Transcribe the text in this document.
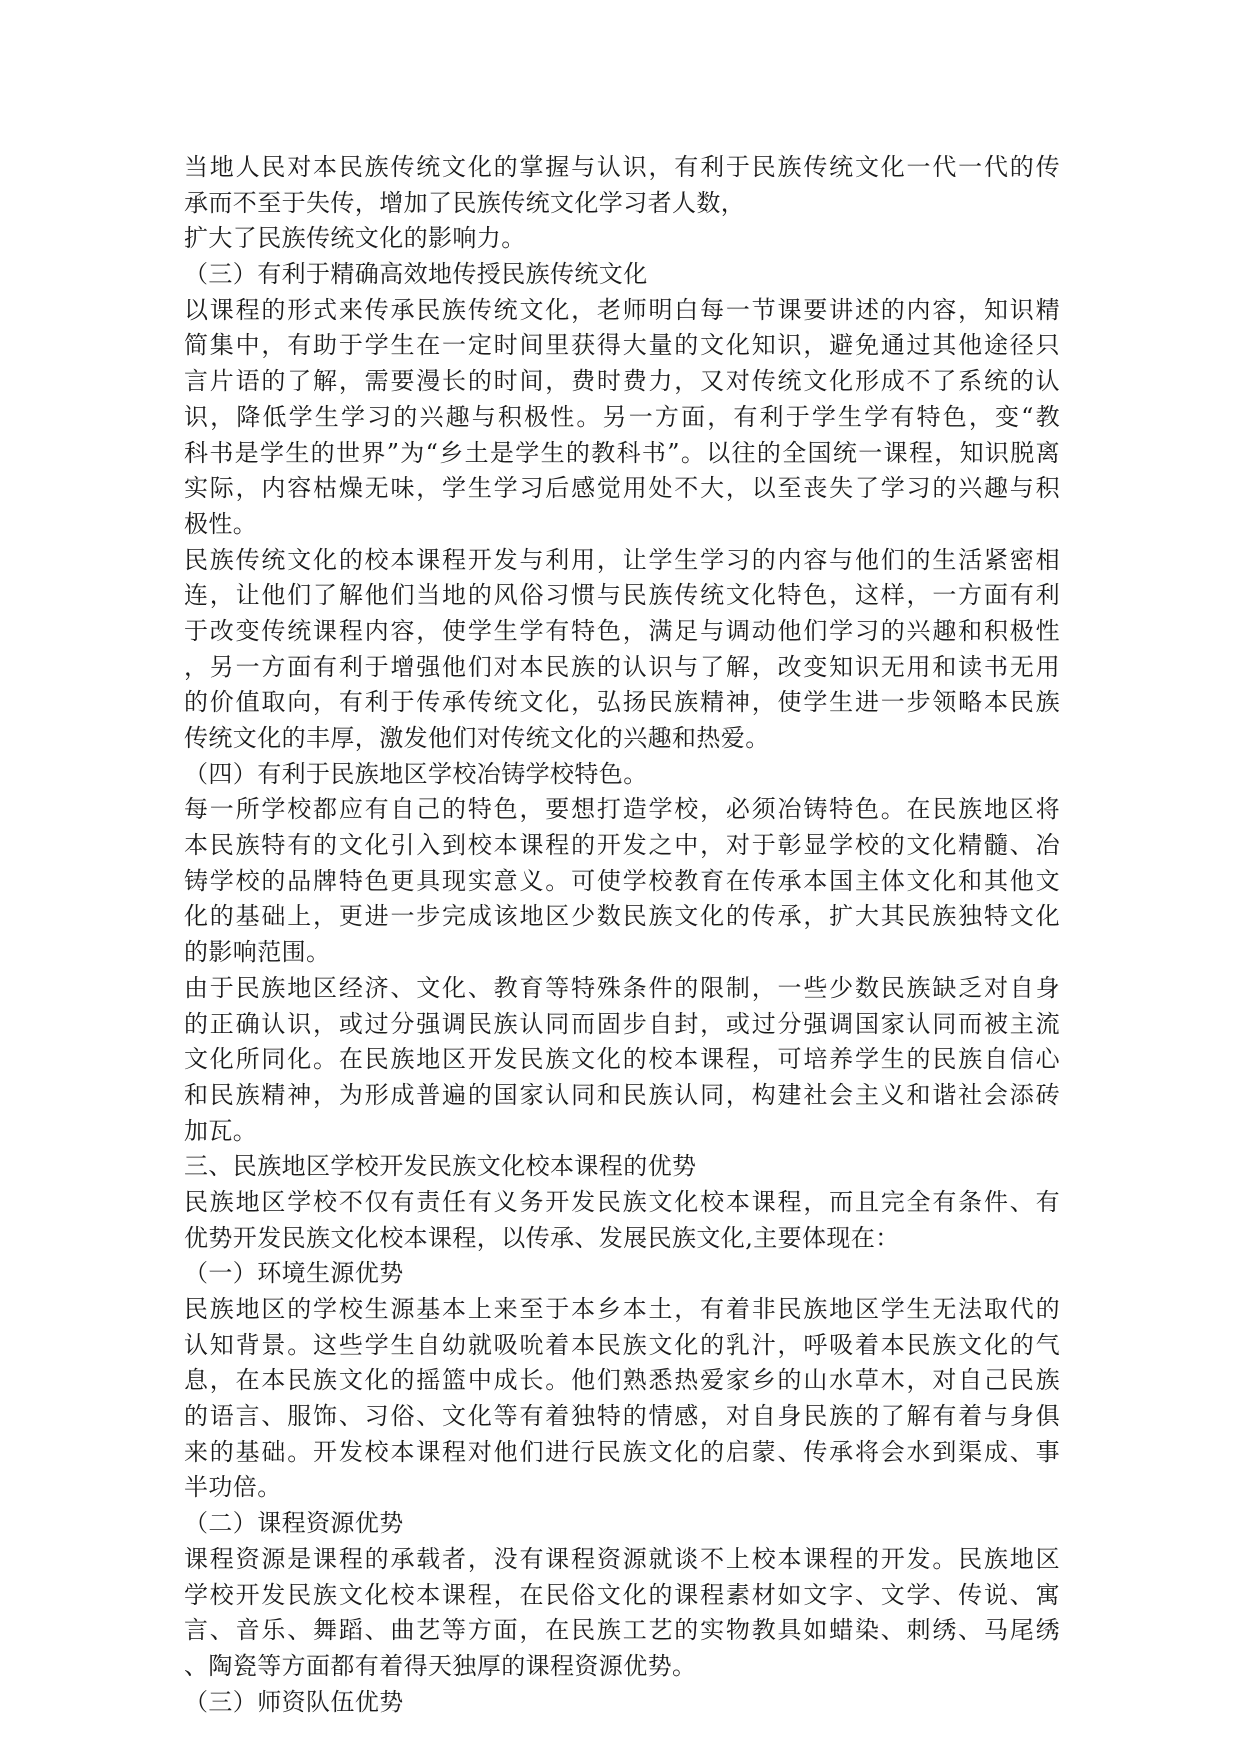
当地人民对本民族传统文化的掌握与认识，有利于民族传统文化一代一代的传
承而不至于失传，增加了民族传统文化学习者人数，
扩大了民族传统文化的影响力。
（三）有利于精确高效地传授民族传统文化
以课程的形式来传承民族传统文化，老师明白每一节课要讲述的内容，知识精
简集中，有助于学生在一定时间里获得大量的文化知识，避免通过其他途径只
言片语的了解，需要漫长的时间，费时费力，又对传统文化形成不了系统的认
识，降低学生学习的兴趣与积极性。另一方面，有利于学生学有特色，变“教
科书是学生的世界”为“乡土是学生的教科书”。以往的全国统一课程，知识脱离
实际，内容枯燥无味，学生学习后感觉用处不大，以至丧失了学习的兴趣与积
极性。
民族传统文化的校本课程开发与利用，让学生学习的内容与他们的生活紧密相
连，让他们了解他们当地的风俗习惯与民族传统文化特色，这样，一方面有利
于改变传统课程内容，使学生学有特色，满足与调动他们学习的兴趣和积极性
，另一方面有利于增强他们对本民族的认识与了解，改变知识无用和读书无用
的价值取向，有利于传承传统文化，弘扬民族精神，使学生进一步领略本民族
传统文化的丰厚，激发他们对传统文化的兴趣和热爱。
（四）有利于民族地区学校冶铸学校特色。
每一所学校都应有自己的特色，要想打造学校，必须冶铸特色。在民族地区将
本民族特有的文化引入到校本课程的开发之中，对于彰显学校的文化精髓、冶
铸学校的品牌特色更具现实意义。可使学校教育在传承本国主体文化和其他文
化的基础上，更进一步完成该地区少数民族文化的传承，扩大其民族独特文化
的影响范围。
由于民族地区经济、文化、教育等特殊条件的限制，一些少数民族缺乏对自身
的正确认识，或过分强调民族认同而固步自封，或过分强调国家认同而被主流
文化所同化。在民族地区开发民族文化的校本课程，可培养学生的民族自信心
和民族精神，为形成普遍的国家认同和民族认同，构建社会主义和谐社会添砖
加瓦。
三、民族地区学校开发民族文化校本课程的优势
民族地区学校不仅有责任有义务开发民族文化校本课程，而且完全有条件、有
优势开发民族文化校本课程，以传承、发展民族文化,主要体现在：
（一）环境生源优势
民族地区的学校生源基本上来至于本乡本土，有着非民族地区学生无法取代的
认知背景。这些学生自幼就吸吮着本民族文化的乳汁，呼吸着本民族文化的气
息，在本民族文化的摇篮中成长。他们熟悉热爱家乡的山水草木，对自己民族
的语言、服饰、习俗、文化等有着独特的情感，对自身民族的了解有着与身俱
来的基础。开发校本课程对他们进行民族文化的启蒙、传承将会水到渠成、事
半功倍。
（二）课程资源优势
课程资源是课程的承载者，没有课程资源就谈不上校本课程的开发。民族地区
学校开发民族文化校本课程，在民俗文化的课程素材如文字、文学、传说、寓
言、音乐、舞蹈、曲艺等方面，在民族工艺的实物教具如蜡染、刺绣、马尾绣
、陶瓷等方面都有着得天独厚的课程资源优势。
（三）师资队伍优势
